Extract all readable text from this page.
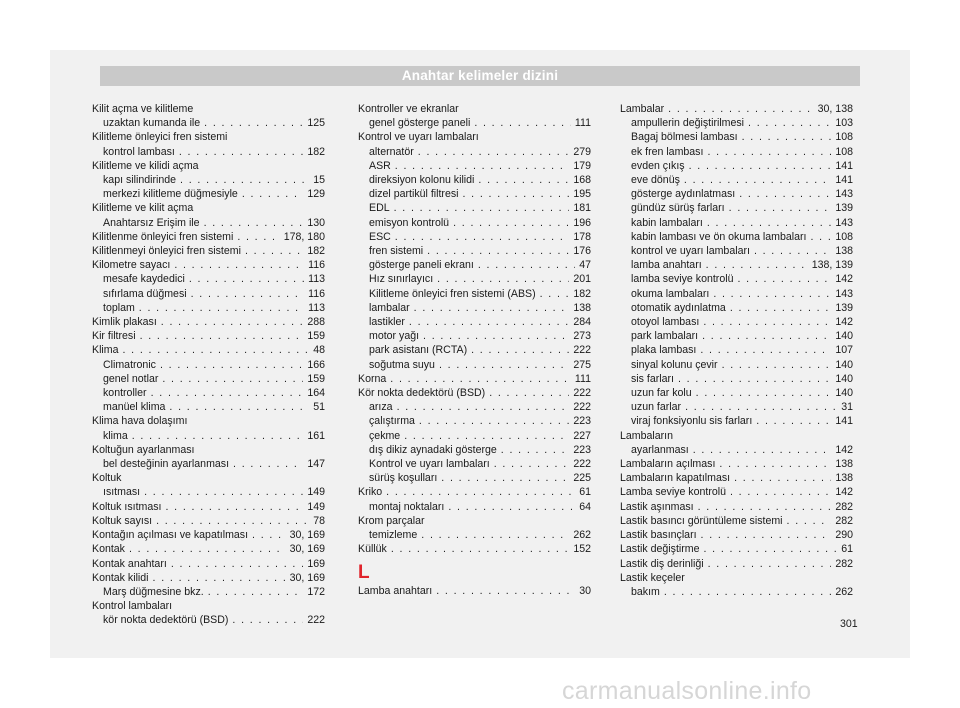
Anahtar kelimeler dizini
Kilit açma ve kilitleme
uzaktan kumanda ile . . .	125
Kilitleme önleyici fren sistemi
kontrol lambası . . .	182
Kilitleme ve kilidi açma
kapı silindirinde . . .	15
merkezi kilitleme düğmesiyle . . .	129
Kilitleme ve kilit açma
Anahtarsız Erişim ile . . .	130
Kilitlenme önleyici fren sistemi . . .	178, 180
Kilitlenmeyi önleyici fren sistemi . . .	182
Kilometre sayacı . . .	116
mesafe kaydedici . . .	113
sıfırlama düğmesi . . .	116
toplam . . .	113
Kimlik plakası . . .	288
Kir filtresi . . .	159
Klima . . .	48
Climatronic . . .	166
genel notlar . . .	159
kontroller . . .	164
manüel klima . . .	51
Klima hava dolaşımı
klima . . .	161
Koltuğun ayarlanması
bel desteğinin ayarlanması . . .	147
Koltuk
ısıtması . . .	149
Koltuk ısıtması . . .	149
Koltuk sayısı . . .	78
Kontağın açılması ve kapatılması . . .	30, 169
Kontak . . .	30, 169
Kontak anahtarı . . .	169
Kontak kilidi . . .	30, 169
Marş düğmesine bkz. . . .	172
Kontrol lambaları
kör nokta dedektörü (BSD) . . .	222
Kontroller ve ekranlar
genel gösterge paneli . . .	111
Kontrol ve uyarı lambaları
alternatör . . .	279
ASR . . .	179
direksiyon kolonu kilidi . . .	168
dizel partikül filtresi . . .	195
EDL . . .	181
emisyon kontrolü . . .	196
ESC . . .	178
fren sistemi . . .	176
gösterge paneli ekranı . . .	47
Hız sınırlayıcı . . .	201
Kilitleme önleyici fren sistemi (ABS) . . .	182
lambalar . . .	138
lastikler . . .	284
motor yağı . . .	273
park asistanı (RCTA) . . .	222
soğutma suyu . . .	275
Korna . . .	111
Kör nokta dedektörü (BSD) . . .	222
arıza . . .	222
çalıştırma . . .	223
çekme . . .	227
dış dikiz aynadaki gösterge . . .	223
Kontrol ve uyarı lambaları . . .	222
sürüş koşulları . . .	225
Kriko . . .	61
montaj noktaları . . .	64
Krom parçalar
temizleme . . .	262
Küllük . . .	152
L
Lamba anahtarı . . .	30
Lambalar . . .	30, 138
ampullerin değiştirilmesi . . .	103
Bagaj bölmesi lambası . . .	108
ek fren lambası . . .	108
evden çıkış . . .	141
eve dönüş . . .	141
gösterge aydınlatması . . .	143
gündüz sürüş farları . . .	139
kabin lambaları . . .	143
kabin lambası ve ön okuma lambaları . . .	108
kontrol ve uyarı lambaları . . .	138
lamba anahtarı . . .	138, 139
lamba seviye kontrolü . . .	142
okuma lambaları . . .	143
otomatik aydınlatma . . .	139
otoyol lambası . . .	142
park lambaları . . .	140
plaka lambası . . .	107
sinyal kolunu çevir . . .	140
sis farları . . .	140
uzun far kolu . . .	140
uzun farlar . . .	31
viraj fonksiyonlu sis farları . . .	141
Lambaların
ayarlanması . . .	142
Lambaların açılması . . .	138
Lambaların kapatılması . . .	138
Lamba seviye kontrolü . . .	142
Lastik aşınması . . .	282
Lastik basıncı görüntüleme sistemi . . .	282
Lastik basınçları . . .	290
Lastik değiştirme . . .	61
Lastik diş derinliği . . .	282
Lastik keçeler
bakım . . .	262
301
carmanualsonline.info
